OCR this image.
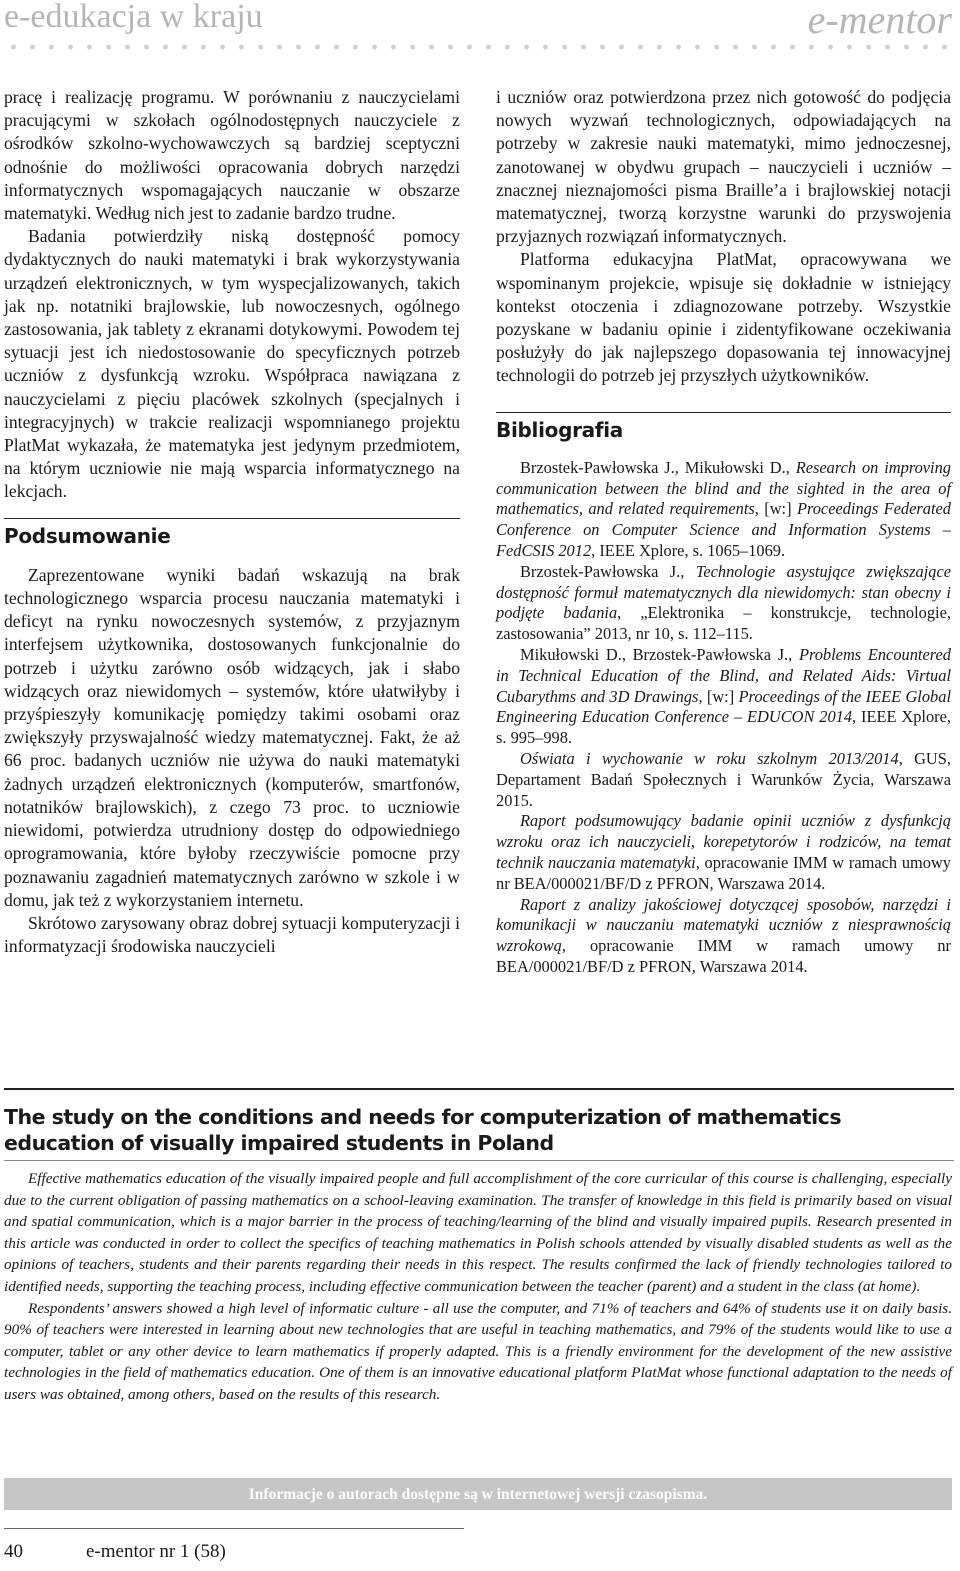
e-edukacja w kraju	e-mentor

pracę i realizację programu. W porównaniu z nauczycielami pracującymi w szkołach ogólnodostępnych nauczyciele z ośrodków szkolno-wychowawczych są bardziej sceptyczni odnośnie do możliwości opracowania dobrych narzędzi informatycznych wspomagających nauczanie w obszarze matematyki. Według nich jest to zadanie bardzo trudne.

Badania potwierdziły niską dostępność pomocy dydaktycznych do nauki matematyki i brak wykorzystywania urządzeń elektronicznych, w tym wyspecjalizowanych, takich jak np. notatniki brajlowskie, lub nowoczesnych, ogólnego zastosowania, jak tablety z ekranami dotykowymi. Powodem tej sytuacji jest ich niedostosowanie do specyficznych potrzeb uczniów z dysfunkcją wzroku. Współpraca nawiązana z nauczycielami z pięciu placówek szkolnych (specjalnych i integracyjnych) w trakcie realizacji wspomnianego projektu PlatMat wykazała, że matematyka jest jedynym przedmiotem, na którym uczniowie nie mają wsparcia informatycznego na lekcjach.

Podsumowanie

Zaprezentowane wyniki badań wskazują na brak technologicznego wsparcia procesu nauczania matematyki i deficyt na rynku nowoczesnych systemów, z przyjaznym interfejsem użytkownika, dostosowanych funkcjonalnie do potrzeb i użytku zarówno osób widzących, jak i słabo widzących oraz niewidomych – systemów, które ułatwiłyby i przyśpieszyły komunikację pomiędzy takimi osobami oraz zwiększyły przyswajalność wiedzy matematycznej. Fakt, że aż 66 proc. badanych uczniów nie używa do nauki matematyki żadnych urządzeń elektronicznych (komputerów, smartfonów, notatników brajlowskich), z czego 73 proc. to uczniowie niewidomi, potwierdza utrudniony dostęp do odpowiedniego oprogramowania, które byłoby rzeczywiście pomocne przy poznawaniu zagadnień matematycznych zarówno w szkole i w domu, jak też z wykorzystaniem internetu.

Skrótowo zarysowany obraz dobrej sytuacji komputeryzacji i informatyzacji środowiska nauczycieli

i uczniów oraz potwierdzona przez nich gotowość do podjęcia nowych wyzwań technologicznych, odpowiadających na potrzeby w zakresie nauki matematyki, mimo jednoczesnej, zanotowanej w obydwu grupach – nauczycieli i uczniów – znacznej nieznajomości pisma Braille’a i brajlowskiej notacji matematycznej, tworzą korzystne warunki do przyswojenia przyjaznych rozwiązań informatycznych.

Platforma edukacyjna PlatMat, opracowywana we wspominanym projekcie, wpisuje się dokładnie w istniejący kontekst otoczenia i zdiagnozowane potrzeby. Wszystkie pozyskane w badaniu opinie i zidentyfikowane oczekiwania posłużyły do jak najlepszego dopasowania tej innowacyjnej technologii do potrzeb jej przyszłych użytkowników.

Bibliografia

Brzostek-Pawłowska J., Mikułowski D., Research on improving communication between the blind and the sighted in the area of mathematics, and related requirements, [w:] Proceedings Federated Conference on Computer Science and Information Systems – FedCSIS 2012, IEEE Xplore, s. 1065–1069.

Brzostek-Pawłowska J., Technologie asystujące zwiększające dostępność formuł matematycznych dla niewidomych: stan obecny i podjęte badania, „Elektronika – konstrukcje, technologie, zastosowania” 2013, nr 10, s. 112–115.

Mikułowski D., Brzostek-Pawłowska J., Problems Encountered in Technical Education of the Blind, and Related Aids: Virtual Cubarythms and 3D Drawings, [w:] Proceedings of the IEEE Global Engineering Education Conference – EDUCON 2014, IEEE Xplore, s. 995–998.

Oświata i wychowanie w roku szkolnym 2013/2014, GUS, Departament Badań Społecznych i Warunków Życia, Warszawa 2015.

Raport podsumowujący badanie opinii uczniów z dysfunkcją wzroku oraz ich nauczycieli, korepetytorów i rodziców, na temat technik nauczania matematyki, opracowanie IMM w ramach umowy nr BEA/000021/BF/D z PFRON, Warszawa 2014.

Raport z analizy jakościowej dotyczącej sposobów, narzędzi i komunikacji w nauczaniu matematyki uczniów z niesprawnością wzrokową, opracowanie IMM w ramach umowy nr BEA/000021/BF/D z PFRON, Warszawa 2014.

The study on the conditions and needs for computerization of mathematics education of visually impaired students in Poland

Effective mathematics education of the visually impaired people and full accomplishment of the core curricular of this course is challenging, especially due to the current obligation of passing mathematics on a school-leaving examination. The transfer of knowledge in this field is primarily based on visual and spatial communication, which is a major barrier in the process of teaching/learning of the blind and visually impaired pupils. Research presented in this article was conducted in order to collect the specifics of teaching mathematics in Polish schools attended by visually disabled students as well as the opinions of teachers, students and their parents regarding their needs in this respect. The results confirmed the lack of friendly technologies tailored to identified needs, supporting the teaching process, including effective communication between the teacher (parent) and a student in the class (at home).

Respondents’ answers showed a high level of informatic culture - all use the computer, and 71% of teachers and 64% of students use it on daily basis. 90% of teachers were interested in learning about new technologies that are useful in teaching mathematics, and 79% of the students would like to use a computer, tablet or any other device to learn mathematics if properly adapted. This is a friendly environment for the development of the new assistive technologies in the field of mathematics education. One of them is an innovative educational platform PlatMat whose functional adaptation to the needs of users was obtained, among others, based on the results of this research.

Informacje o autorach dostępne są w internetowej wersji czasopisma.
40	e-mentor nr 1 (58)
